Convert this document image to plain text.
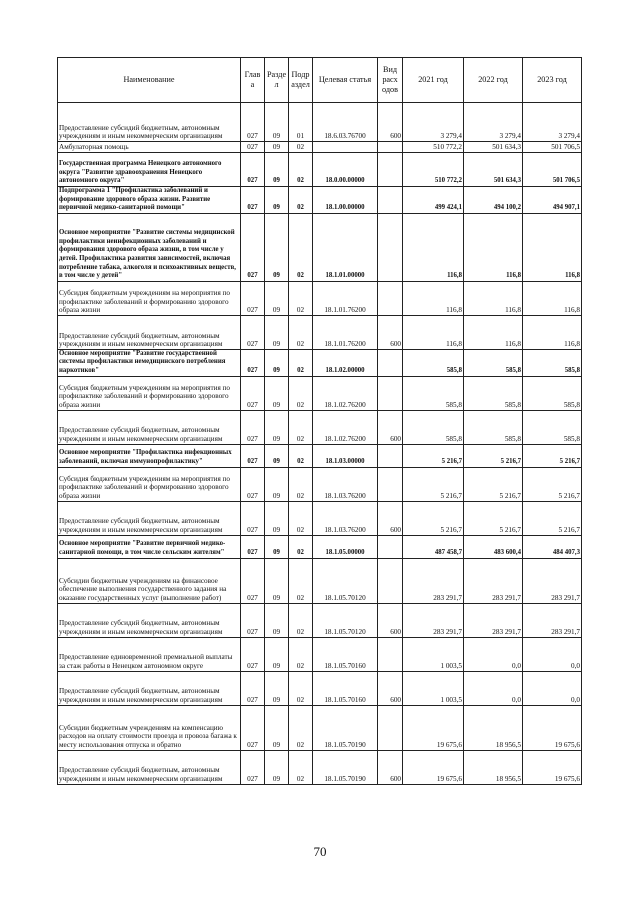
Наименование	Глав а	Разде л	Подр аздел	Целевая статья	Вид расх одов	2021 год	2022 год	2023 год
Предоставление субсидий бюджетным, автономным учреждениям и иным некоммерческим организациям	027	09	01	18.6.03.76700	600	3 279,4	3 279,4	3 279,4
Амбулаторная помощь	027	09	02			510 772,2	501 634,3	501 706,5
Государственная программа Ненецкого автономного округа "Развитие здравоохранения Ненецкого автономного округа"	027	09	02	18.0.00.00000		510 772,2	501 634,3	501 706,5
Подпрограмма 1 "Профилактика заболеваний и формирование здорового образа жизни. Развитие первичной медико-санитарной помощи"	027	09	02	18.1.00.00000		499 424,1	494 100,2	494 907,1
Основное мероприятие "Развитие системы медицинской профилактики неинфекционных заболеваний и формирования здорового образа жизни, в том числе у детей. Профилактика развития зависимостей, включая потребление табака, алкоголя и психоактивных веществ, в том числе у детей"	027	09	02	18.1.01.00000		116,8	116,8	116,8
Субсидия бюджетным учреждениям на мероприятия по профилактике заболеваний и формированию здорового образа жизни	027	09	02	18.1.01.76200		116,8	116,8	116,8
Предоставление субсидий бюджетным, автономным учреждениям и иным некоммерческим организациям	027	09	02	18.1.01.76200	600	116,8	116,8	116,8
Основное мероприятие "Развитие государственной системы профилактики немедицинского потребления наркотиков"	027	09	02	18.1.02.00000		585,8	585,8	585,8
Субсидия бюджетным учреждениям на мероприятия по профилактике заболеваний и формированию здорового образа жизни	027	09	02	18.1.02.76200		585,8	585,8	585,8
Предоставление субсидий бюджетным, автономным учреждениям и иным некоммерческим организациям	027	09	02	18.1.02.76200	600	585,8	585,8	585,8
Основное мероприятие "Профилактика инфекционных заболеваний, включая иммунопрофилактику"	027	09	02	18.1.03.00000		5 216,7	5 216,7	5 216,7
Субсидия бюджетным учреждениям на мероприятия по профилактике заболеваний и формированию здорового образа жизни	027	09	02	18.1.03.76200		5 216,7	5 216,7	5 216,7
Предоставление субсидий бюджетным, автономным учреждениям и иным некоммерческим организациям	027	09	02	18.1.03.76200	600	5 216,7	5 216,7	5 216,7
Основное мероприятие "Развитие первичной медико-санитарной помощи, в том числе сельским жителям"	027	09	02	18.1.05.00000		487 458,7	483 600,4	484 407,3
Субсидии бюджетным учреждениям на финансовое обеспечение выполнения государственного задания на оказание государственных услуг (выполнение работ)	027	09	02	18.1.05.70120		283 291,7	283 291,7	283 291,7
Предоставление субсидий бюджетным, автономным учреждениям и иным некоммерческим организациям	027	09	02	18.1.05.70120	600	283 291,7	283 291,7	283 291,7
Предоставление единовременной премиальной выплаты за стаж работы в Ненецком автономном округе	027	09	02	18.1.05.70160		1 003,5	0,0	0,0
Предоставление субсидий бюджетным, автономным учреждениям и иным некоммерческим организациям	027	09	02	18.1.05.70160	600	1 003,5	0,0	0,0
Субсидии бюджетным учреждениям на компенсацию расходов на оплату стоимости проезда и провоза багажа к месту использования отпуска и обратно	027	09	02	18.1.05.70190		19 675,6	18 956,5	19 675,6
Предоставление субсидий бюджетным, автономным учреждениям и иным некоммерческим организациям	027	09	02	18.1.05.70190	600	19 675,6	18 956,5	19 675,6
70
